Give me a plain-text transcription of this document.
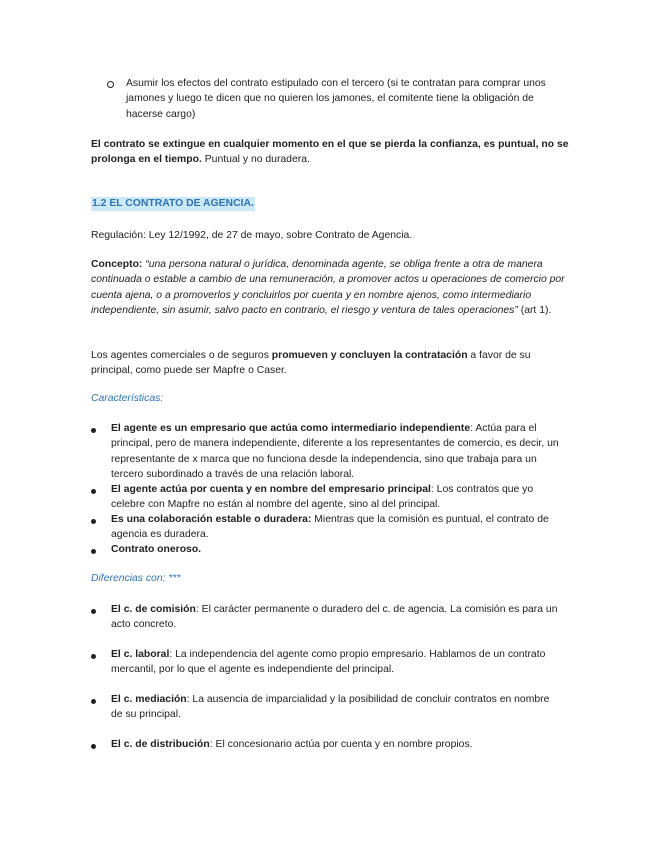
Asumir los efectos del contrato estipulado con el tercero (si te contratan para comprar unos jamones y luego te dicen que no quieren los jamones, el comitente tiene la obligación de hacerse cargo)
El contrato se extingue en cualquier momento en el que se pierda la confianza, es puntual, no se prolonga en el tiempo. Puntual y no duradera.
1.2 EL CONTRATO DE AGENCIA.
Regulación: Ley 12/1992, de 27 de mayo, sobre Contrato de Agencia.
Concepto: “una persona natural o jurídica, denominada agente, se obliga frente a otra de manera continuada o estable a cambio de una remuneración, a promover actos u operaciones de comercio por cuenta ajena, o a promoverlos y concluirlos por cuenta y en nombre ajenos, como intermediario independiente, sin asumir, salvo pacto en contrario, el riesgo y ventura de tales operaciones” (art 1).
Los agentes comerciales o de seguros promueven y concluyen la contratación a favor de su principal, como puede ser Mapfre o Caser.
Características:
El agente es un empresario que actúa como intermediario independiente: Actúa para el principal, pero de manera independiente, diferente a los representantes de comercio, es decir, un representante de x marca que no funciona desde la independencia, sino que trabaja para un tercero subordinado a través de una relación laboral.
El agente actúa por cuenta y en nombre del empresario principal: Los contratos que yo celebre con Mapfre no están al nombre del agente, sino al del principal.
Es una colaboración estable o duradera: Mientras que la comisión es puntual, el contrato de agencia es duradera.
Contrato oneroso.
Diferencias con: ***
El c. de comisión: El carácter permanente o duradero del c. de agencia. La comisión es para un acto concreto.
El c. laboral: La independencia del agente como propio empresario. Hablamos de un contrato mercantil, por lo que el agente es independiente del principal.
El c. mediación: La ausencia de imparcialidad y la posibilidad de concluir contratos en nombre de su principal.
El c. de distribución: El concesionario actúa por cuenta y en nombre propios.
